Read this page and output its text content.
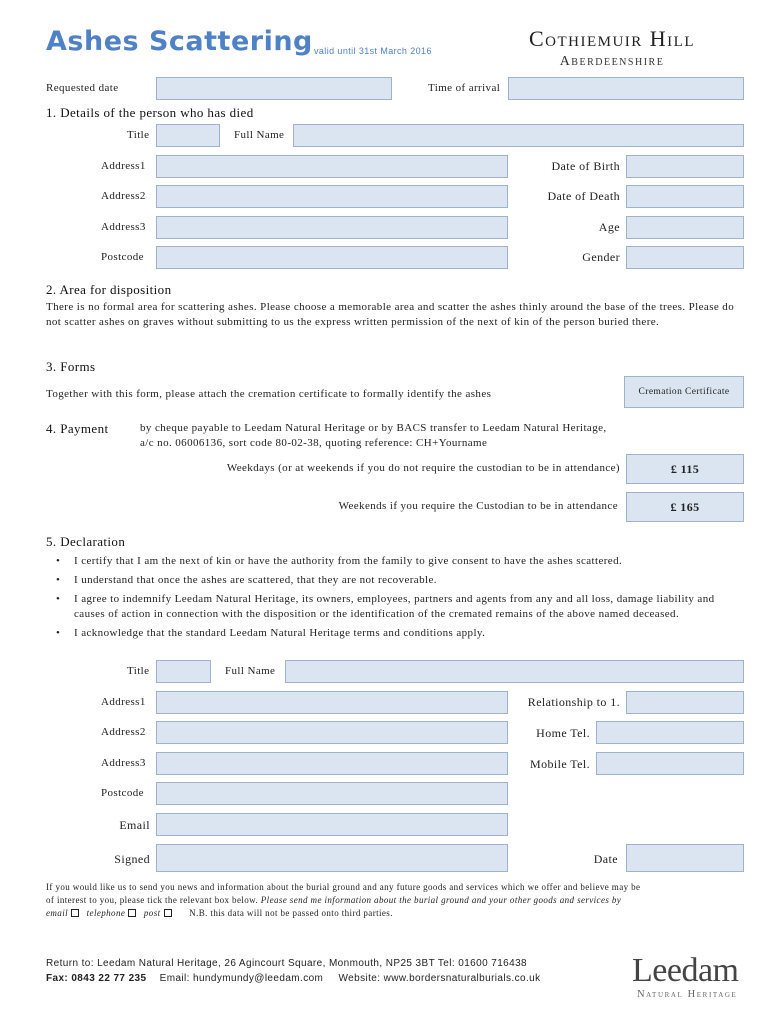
Ashes Scattering valid until 31st March 2016	Cothiemuir Hill
Aberdeenshire
Requested date	Time of arrival
1. Details of the person who has died
Title	Full Name
Address1	Date of Birth
Address2	Date of Death
Address3	Age
Postcode	Gender
2. Area for disposition
There is no formal area for scattering ashes. Please choose a memorable area and scatter the ashes thinly around the base of the trees. Please do not scatter ashes on graves without submitting to us the express written permission of the next of kin of the person buried there.
3. Forms
Together with this form, please attach the cremation certificate to formally identify the ashes	Cremation Certificate
4. Payment	by cheque payable to Leedam Natural Heritage or by BACS transfer to Leedam Natural Heritage,
a/c no. 06006136, sort code 80-02-38, quoting reference: CH+Yourname
Weekdays (or at weekends if you do not require the custodian to be in attendance)	£ 115
Weekends if you require the Custodian to be in attendance	£ 165
5. Declaration
• I certify that I am the next of kin or have the authority from the family to give consent to have the ashes scattered.
• I understand that once the ashes are scattered, that they are not recoverable.
• I agree to indemnify Leedam Natural Heritage, its owners, employees, partners and agents from any and all loss, damage liability and causes of action in connection with the disposition or the identification of the cremated remains of the above named deceased.
• I acknowledge that the standard Leedam Natural Heritage terms and conditions apply.
Title	Full Name
Address1	Relationship to 1.
Address2	Home Tel.
Address3	Mobile Tel.
Postcode
Email
Signed	Date
If you would like us to send you news and information about the burial ground and any future goods and services which we offer and believe may be
of interest to you, please tick the relevant box below. Please send me information about the burial ground and your other goods and services by
email telephone post	N.B. this data will not be passed onto third parties.
Return to: Leedam Natural Heritage, 26 Agincourt Square, Monmouth, NP25 3BT Tel: 01600 716438
Fax: 0843 22 77 235 Email: hundymundy@leedam.com Website: www.bordersnaturalburials.co.uk	Leedam
Natural Heritage
